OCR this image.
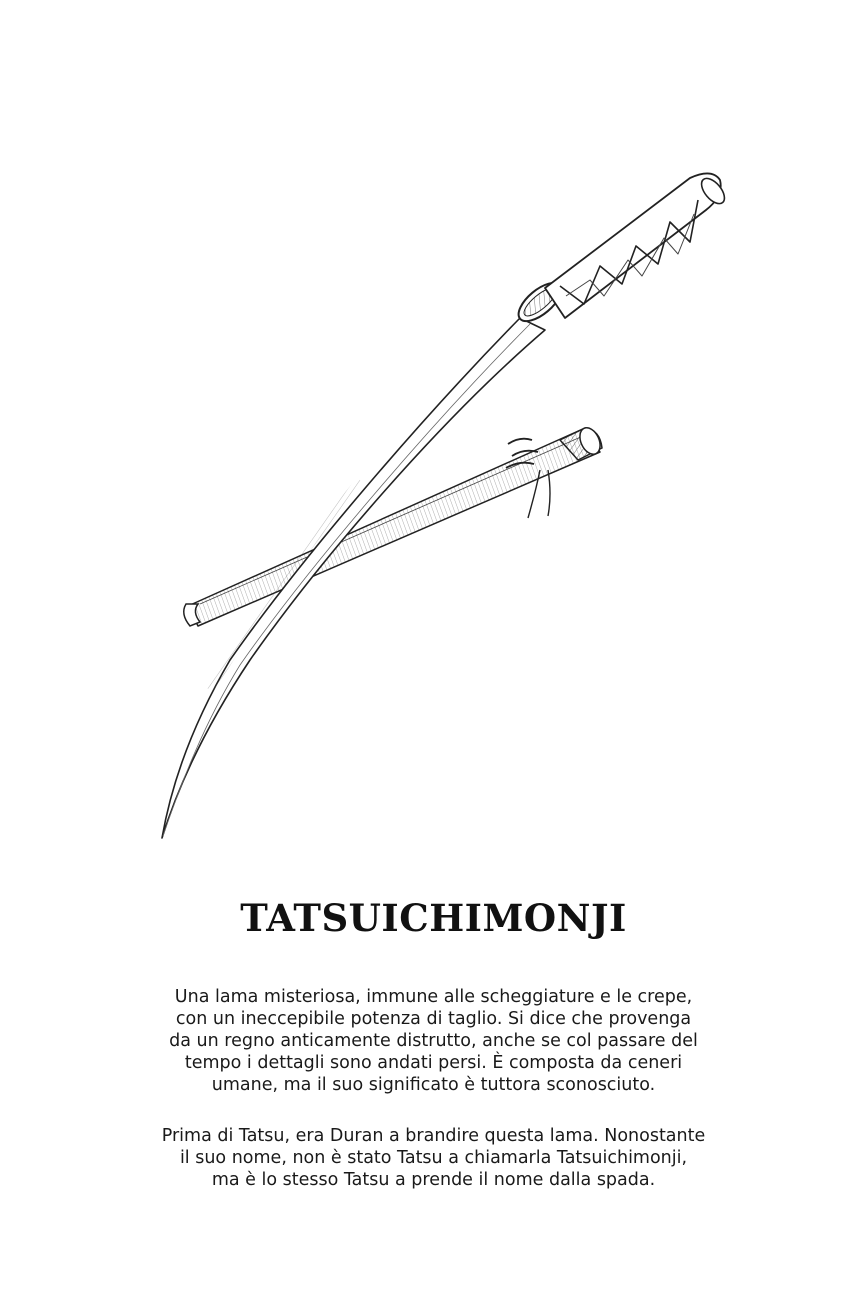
TATSUICHIMONJI

Una lama misteriosa, immune alle scheggiature e le crepe,
con un ineccepibile potenza di taglio. Si dice che provenga
da un regno anticamente distrutto, anche se col passare del
tempo i dettagli sono andati persi. È composta da ceneri
umane, ma il suo significato è tuttora sconosciuto.

Prima di Tatsu, era Duran a brandire questa lama. Nonostante
il suo nome, non è stato Tatsu a chiamarla Tatsuichimonji,
ma è lo stesso Tatsu a prende il nome dalla spada.
